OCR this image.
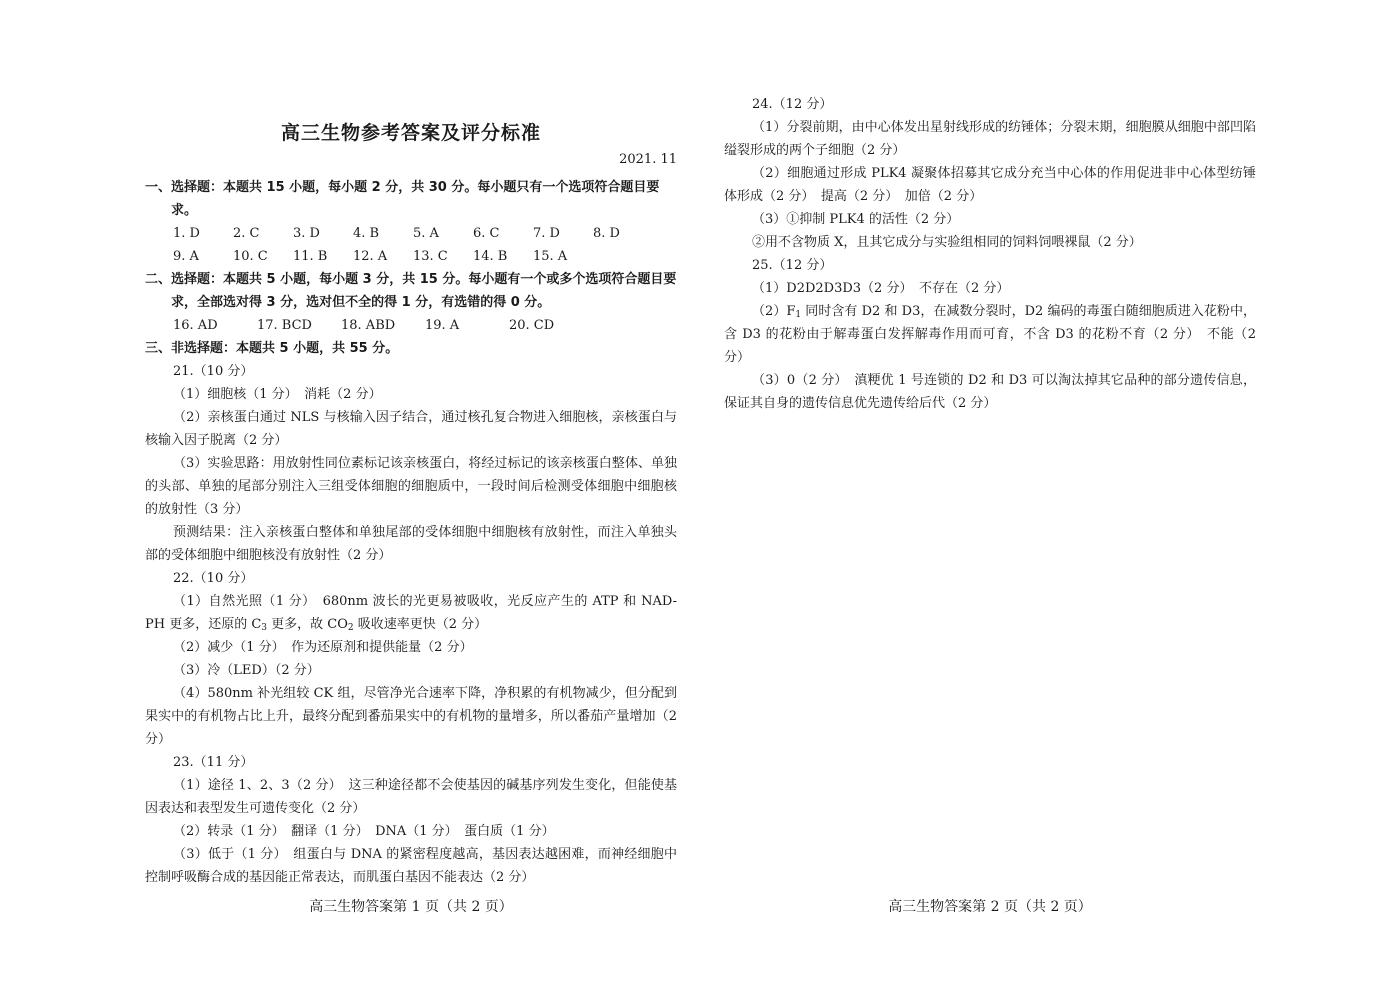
高三生物参考答案及评分标准

2021. 11

一、选择题：本题共 15 小题，每小题 2 分，共 30 分。每小题只有一个选项符合题目要求。

1. D	2. C	3. D	4. B	5. A	6. C	7. D	8. D
9. A	10. C	11. B	12. A	13. C	14. B	15. A

二、选择题：本题共 5 小题，每小题 3 分，共 15 分。每小题有一个或多个选项符合题目要求，全部选对得 3 分，选对但不全的得 1 分，有选错的得 0 分。

16. AD	17. BCD	18. ABD	19. A	20. CD

三、非选择题：本题共 5 小题，共 55 分。

21.（10 分）

（1）细胞核（1 分）　消耗（2 分）

（2）亲核蛋白通过 NLS 与核输入因子结合，通过核孔复合物进入细胞核，亲核蛋白与核输入因子脱离（2 分）

（3）实验思路：用放射性同位素标记该亲核蛋白，将经过标记的该亲核蛋白整体、单独的头部、单独的尾部分别注入三组受体细胞的细胞质中，一段时间后检测受体细胞中细胞核的放射性（3 分）

预测结果：注入亲核蛋白整体和单独尾部的受体细胞中细胞核有放射性，而注入单独头部的受体细胞中细胞核没有放射性（2 分）

22.（10 分）

（1）自然光照（1 分）　680nm 波长的光更易被吸收，光反应产生的 ATP 和 NAD-PH 更多，还原的 $C_3$ 更多，故 $CO_2$ 吸收速率更快（2 分）

（2）减少（1 分）　作为还原剂和提供能量（2 分）

（3）冷（LED）（2 分）

（4）580nm 补光组较 CK 组，尽管净光合速率下降，净积累的有机物减少，但分配到果实中的有机物占比上升，最终分配到番茄果实中的有机物的量增多，所以番茄产量增加（2 分）

23.（11 分）

（1）途径 1、2、3（2 分）　这三种途径都不会使基因的碱基序列发生变化，但能使基因表达和表型发生可遗传变化（2 分）

（2）转录（1 分）　翻译（1 分）　DNA（1 分）　蛋白质（1 分）

（3）低于（1 分）　组蛋白与 DNA 的紧密程度越高，基因表达越困难，而神经细胞中控制呼吸酶合成的基因能正常表达，而肌蛋白基因不能表达（2 分）

高三生物答案第 1 页（共 2 页）

24.（12 分）

（1）分裂前期，由中心体发出星射线形成的纺锤体；分裂末期，细胞膜从细胞中部凹陷缢裂形成的两个子细胞（2 分）

（2）细胞通过形成 PLK4 凝聚体招募其它成分充当中心体的作用促进非中心体型纺锤体形成（2 分）　提高（2 分）　加倍（2 分）

（3）①抑制 PLK4 的活性（2 分）

②用不含物质 X，且其它成分与实验组相同的饲料饲喂裸鼠（2 分）

25.（12 分）

（1）D2D2D3D3（2 分）　不存在（2 分）

$(2)F_1$ 同时含有 D2 和 D3，在减数分裂时，D2 编码的毒蛋白随细胞质进入花粉中，含 D3 的花粉由于解毒蛋白发挥解毒作用而可育，不含 D3 的花粉不育（2 分）　不能（2 分）

（3）0（2 分）　滇粳优 1 号连锁的 D2 和 D3 可以淘汰掉其它品种的部分遗传信息，保证其自身的遗传信息优先遗传给后代（2 分）

高三生物答案第 2 页（共 2 页）
